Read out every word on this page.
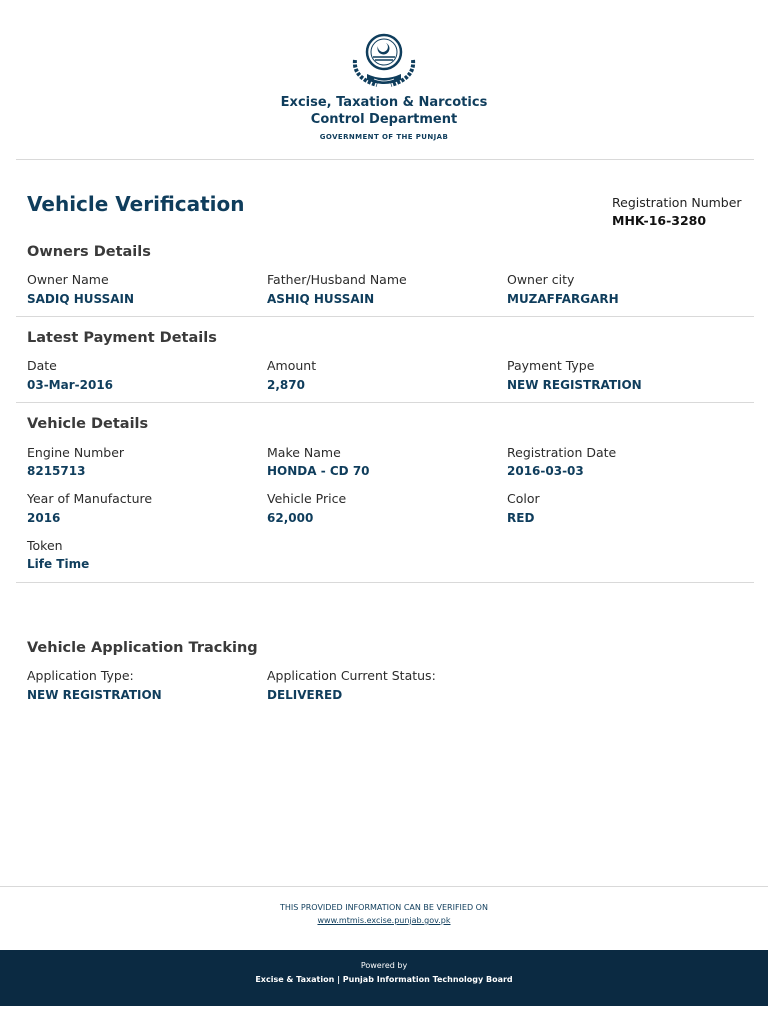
Excise, Taxation & Narcotics
Control Department
GOVERNMENT OF THE PUNJAB
Vehicle Verification	Registration Number
MHK-16-3280
Owners Details
Owner Name
SADIQ HUSSAIN
Father/Husband Name
ASHIQ HUSSAIN
Owner city
MUZAFFARGARH
Latest Payment Details
Date
03-Mar-2016
Amount
2,870
Payment Type
NEW REGISTRATION
Vehicle Details
Engine Number
8215713
Make Name
HONDA - CD 70
Registration Date
2016-03-03
Year of Manufacture
2016
Vehicle Price
62,000
Color
RED
Token
Life Time
Vehicle Application Tracking
Application Type:
NEW REGISTRATION
Application Current Status:
DELIVERED
THIS PROVIDED INFORMATION CAN BE VERIFIED ON
www.mtmis.excise.punjab.gov.pk
Powered by
Excise & Taxation | Punjab Information Technology Board
